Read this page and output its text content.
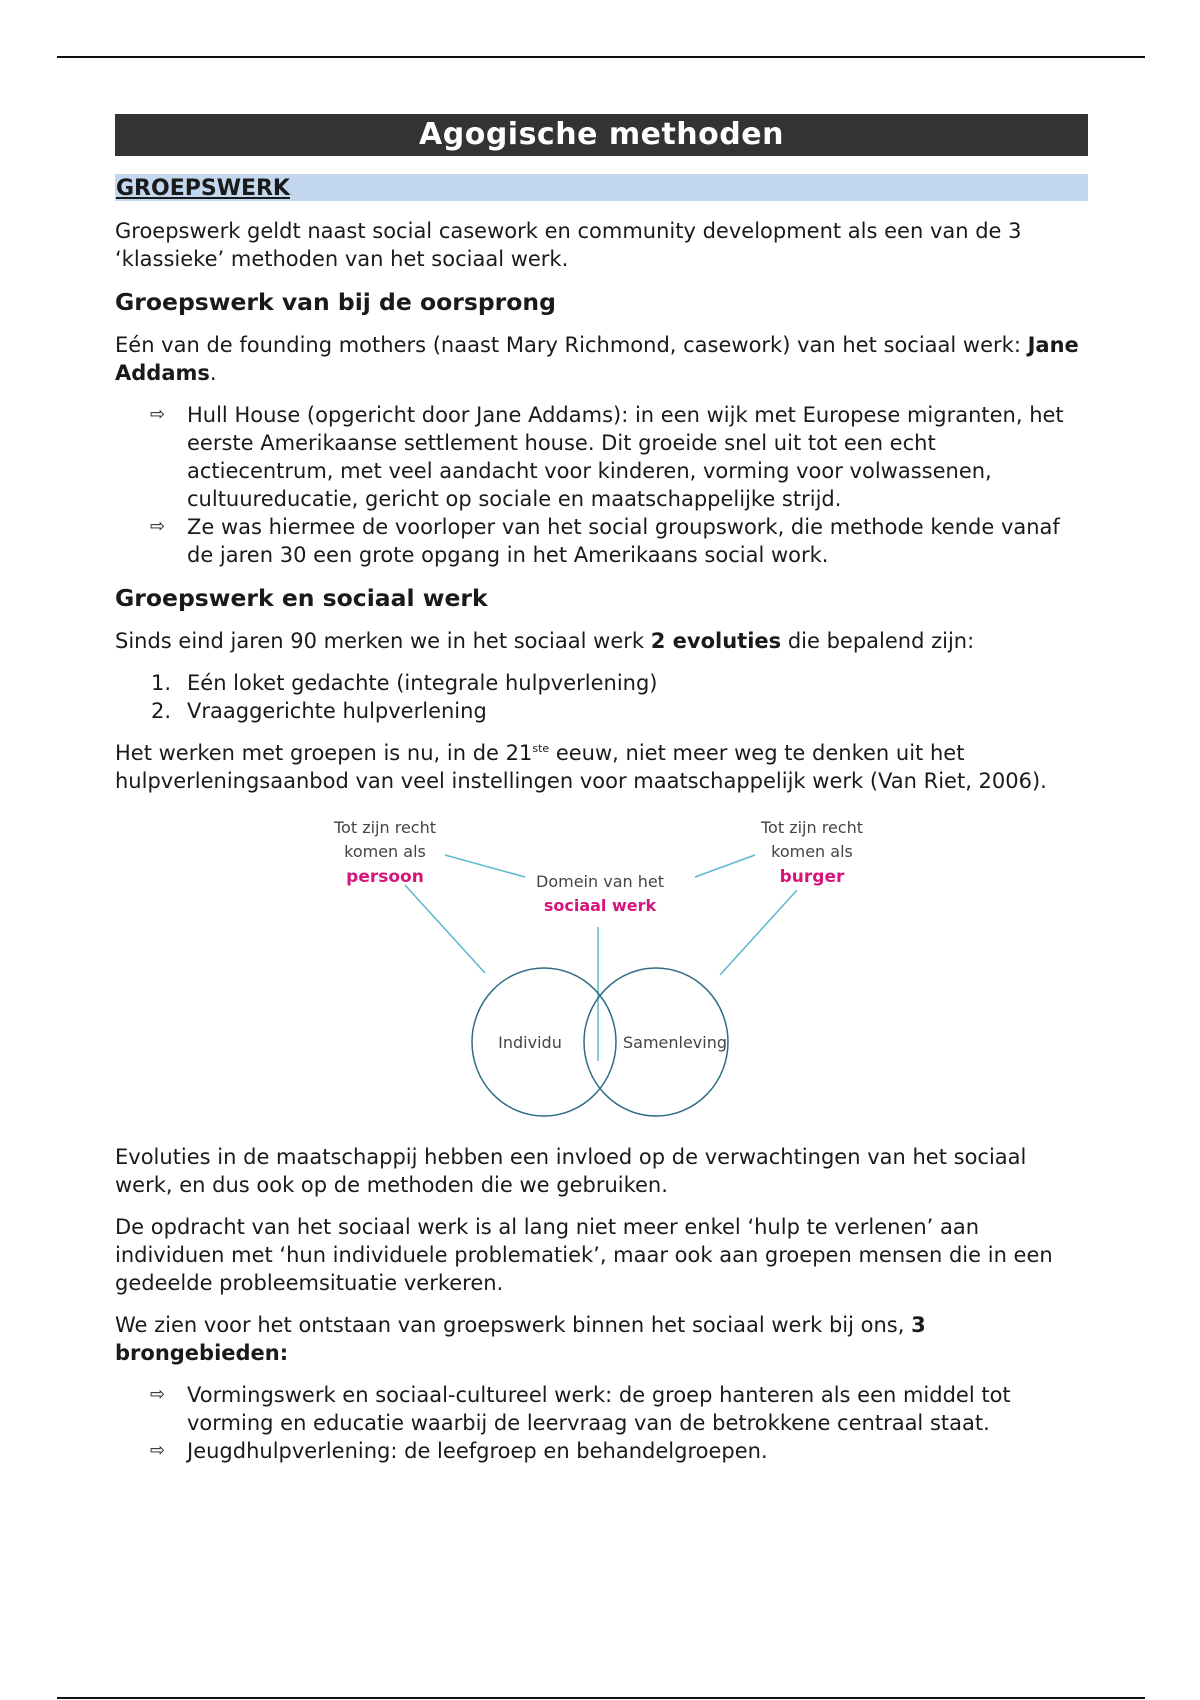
Agogische methoden
GROEPSWERK

Groepswerk geldt naast social casework en community development als een van de 3 ‘klassieke’ methoden van het sociaal werk.

Groepswerk van bij de oorsprong

Eén van de founding mothers (naast Mary Richmond, casework) van het sociaal werk: Jane Addams.

⇨ Hull House (opgericht door Jane Addams): in een wijk met Europese migranten, het eerste Amerikaanse settlement house. Dit groeide snel uit tot een echt actiecentrum, met veel aandacht voor kinderen, vorming voor volwassenen, cultuureducatie, gericht op sociale en maatschappelijke strijd.
⇨ Ze was hiermee de voorloper van het social groupswork, die methode kende vanaf de jaren 30 een grote opgang in het Amerikaans social work.
Groepswerk en sociaal werk

Sinds eind jaren 90 merken we in het sociaal werk 2 evoluties die bepalend zijn:

1. Eén loket gedachte (integrale hulpverlening)
2. Vraaggerichte hulpverlening

Het werken met groepen is nu, in de 21ste eeuw, niet meer weg te denken uit het hulpverleningsaanbod van veel instellingen voor maatschappelijk werk (Van Riet, 2006).

Tot zijn recht
komen als
persoon
Tot zijn recht
komen als
burger
Domein van het
sociaal werk
Individu	Samenleving

Evoluties in de maatschappij hebben een invloed op de verwachtingen van het sociaal werk, en dus ook op de methoden die we gebruiken.

De opdracht van het sociaal werk is al lang niet meer enkel ‘hulp te verlenen’ aan individuen met ‘hun individuele problematiek’, maar ook aan groepen mensen die in een gedeelde probleemsituatie verkeren.

We zien voor het ontstaan van groepswerk binnen het sociaal werk bij ons, 3 brongebieden:

⇨ Vormingswerk en sociaal-cultureel werk: de groep hanteren als een middel tot vorming en educatie waarbij de leervraag van de betrokkene centraal staat.
⇨ Jeugdhulpverlening: de leefgroep en behandelgroepen.
